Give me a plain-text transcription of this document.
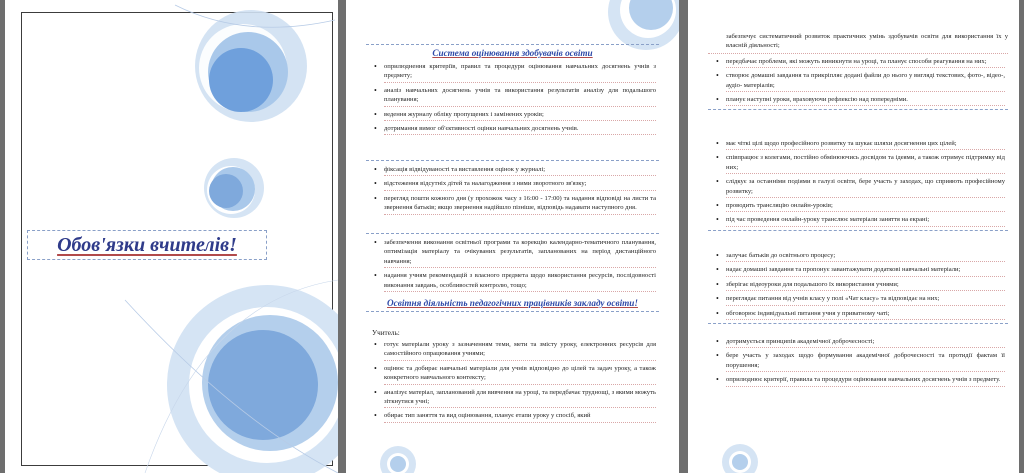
Обов'язки вчителів!
Система оцінювання здобувачів освіти
• оприлюднення критеріїв, правил та процедури оцінювання навчальних досягнень учнів з предмету;
• аналіз навчальних досягнень учнів та використання результатів аналізу для подальшого планування;
• ведення журналу обліку пропущених і замінених уроків;
• дотримання вимог об'єктивності оцінки навчальних досягнень учнів.
• фіксація відвідуваності та виставлення оцінок у журналі;
• відстеження відсутніх дітей та налагодження з ними зворотного зв'язку;
• перегляд пошти кожного дня (у прохожок часу з 16:00 - 17:00) та надання відповіді на листи та звернення батьків; якщо звернення надійшло пізніше, відповідь надавати наступного дня.
• забезпечення виконання освітньої програми та корекцію календарно-тематичного планування, оптимізація матеріалу та очікуваних результатів, запланованих на період дистанційного навчання;
• надання учням рекомендацій з власного предмета щодо використання ресурсів, послідовності виконання завдань, особливостей контролю, тощо;
Освітня діяльність педагогічних працівників закладу освіти!
Учитель:
• готує матеріали уроку з зазначенням теми, мети та змісту уроку, електронних ресурсів для самостійного опрацювання учнями;
• оцінює та добирає навчальні матеріали для учнів відповідно до цілей та задач уроку, а також конкретного навчального контексту;
• аналізує матеріал, запланований для вивчення на уроці, та передбачає труднощі, з якими можуть зіткнутися учні;
• обирає тип заняття та вид оцінювання, планує етапи уроку у спосіб, який
забезпечує систематичний розвиток практичних умінь здобувачів освіти для використання їх у власній діяльності;
• передбачає проблеми, які можуть виникнути на уроці, та планує способи реагування на них;
• створює домашні завдання та прикріпляє додані файли до нього у вигляді текстових, фото-, відео-, аудіо- матеріалів;
• планує наступні уроки, враховуючи рефлексію над попередніми.
• має чіткі цілі щодо професійного розвитку та шукає шляхи досягнення цих цілей;
• співпрацює з колегами, постійно обмінюючись досвідом та ідеями, а також отримує підтримку від них;
• слідкує за останніми подіями в галузі освіти, бере участь у заходах, що сприяють професійному розвитку;
• проводить трансляцію онлайн-уроків;
• під час проведення онлайн-уроку транслює матеріали заняття на екрані;
• залучає батьків до освітнього процесу;
• надає домашні завдання та пропонує завантажувати додаткові навчальні матеріали;
• зберігає відеоуроки для подальшого їх використання учнями;
• переглядає питання від учнів класу у полі «Чат класу» та відповідає на них;
• обговорює індивідуальні питання учня у приватному чаті;
• дотримується принципів академічної доброчесності;
• бере участь у заходах щодо формування академічної доброчесності та протидії фактам її порушення;
• оприлюднює критерії, правила та процедури оцінювання навчальних досягнень учнів з предмету.
